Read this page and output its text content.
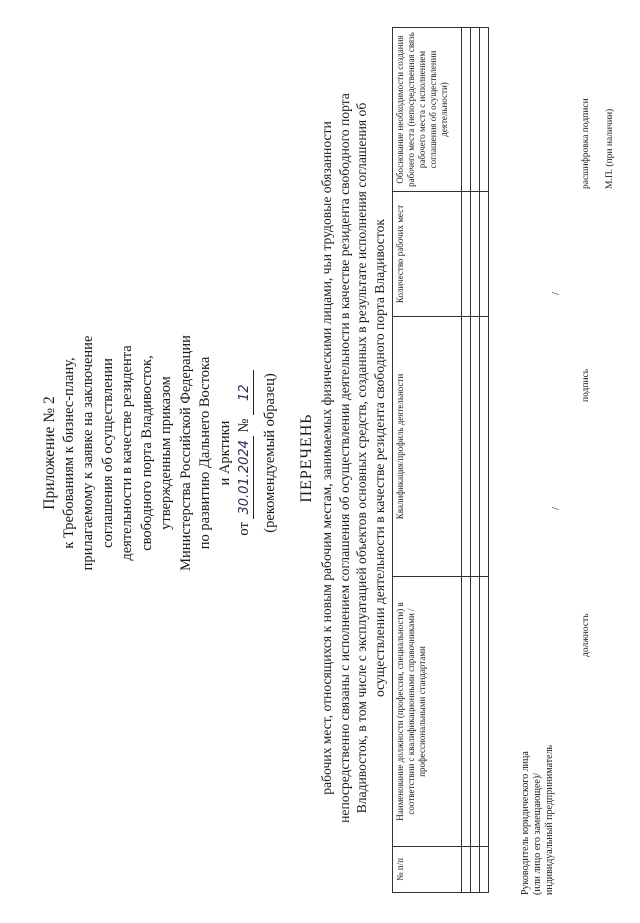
Приложение № 2 к Требованиям к бизнес-плану, прилагаемому к заявке на заключение соглашения об осуществлении деятельности в качестве резидента свободного порта Владивосток, утвержденным приказом Министерства Российской Федерации по развитию Дальнего Востока и Арктики
от 30.01.2024 № 12 (рекомендуемый образец) ПЕРЕЧЕНЬ рабочих мест, относящихся к новым рабочим местам, занимаемых физическими лицами, чьи трудовые обязанности непосредственно связаны с исполнением соглашения об осуществлении деятельности в качестве резидента свободного порта Владивосток, в том числе с эксплуатацией объектов основных средств, созданных в результате исполнения соглашения об осуществлении деятельности в качестве резидента свободного порта Владивосток
№ п/п	Наименование должности (профессии, специальности) в соответствии с квалификационными справочниками / профессиональными стандартами	Квалификация/профиль деятельности	Количество рабочих мест	Обоснование необходимости создания рабочего места (непосредственная связь рабочего места с исполнением соглашения об осуществлении деятельности)

Руководитель юридического лица (или лицо его замещающее)/ индивидуальный предприниматель
/
/
должность
подпись
расшифровка подписи М.П. (при наличии)
